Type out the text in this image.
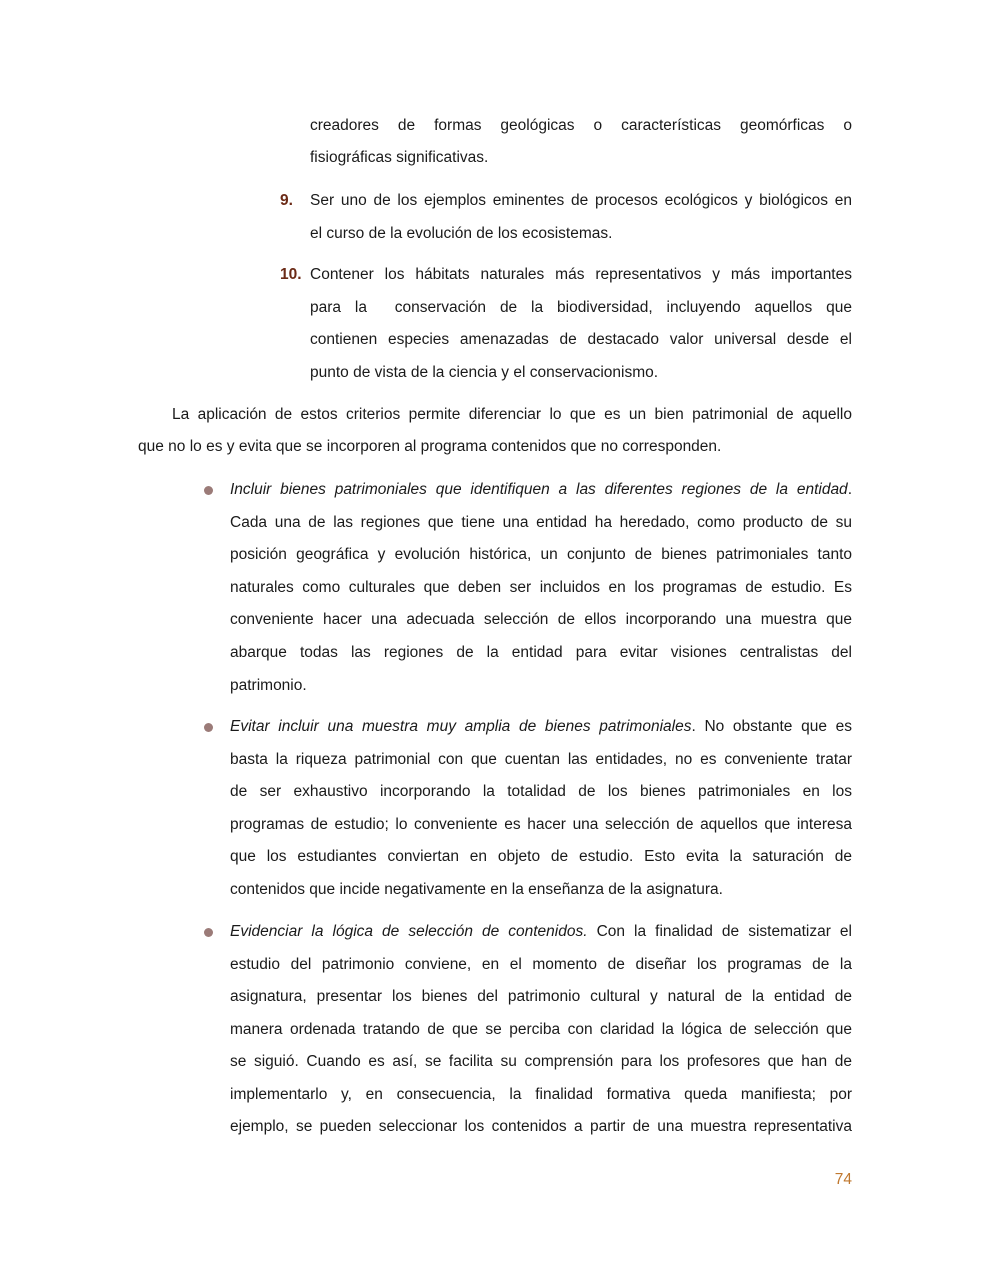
creadores de formas geológicas o características geomórficas o
fisiográficas significativas.
9. Ser uno de los ejemplos eminentes de procesos ecológicos y biológicos en
el curso de la evolución de los ecosistemas.
10. Contener los hábitats naturales más representativos y más importantes
para la  conservación de la biodiversidad, incluyendo aquellos que
contienen especies amenazadas de destacado valor universal desde el
punto de vista de la ciencia y el conservacionismo.
La aplicación de estos criterios permite diferenciar lo que es un bien patrimonial de aquello
que no lo es y evita que se incorporen al programa contenidos que no corresponden.
Incluir bienes patrimoniales que identifiquen a las diferentes regiones de la entidad.
Cada una de las regiones que tiene una entidad ha heredado, como producto de su
posición geográfica y evolución histórica, un conjunto de bienes patrimoniales tanto
naturales como culturales que deben ser incluidos en los programas de estudio. Es
conveniente hacer una adecuada selección de ellos incorporando una muestra que
abarque todas las regiones de la entidad para evitar visiones centralistas del
patrimonio.
Evitar incluir una muestra muy amplia de bienes patrimoniales. No obstante que es
basta la riqueza patrimonial con que cuentan las entidades, no es conveniente tratar
de ser exhaustivo incorporando la totalidad de los bienes patrimoniales en los
programas de estudio; lo conveniente es hacer una selección de aquellos que interesa
que los estudiantes conviertan en objeto de estudio. Esto evita la saturación de
contenidos que incide negativamente en la enseñanza de la asignatura.
Evidenciar la lógica de selección de contenidos. Con la finalidad de sistematizar el
estudio del patrimonio conviene, en el momento de diseñar los programas de la
asignatura, presentar los bienes del patrimonio cultural y natural de la entidad de
manera ordenada tratando de que se perciba con claridad la lógica de selección que
se siguió. Cuando es así, se facilita su comprensión para los profesores que han de
implementarlo y, en consecuencia, la finalidad formativa queda manifiesta; por
ejemplo, se pueden seleccionar los contenidos a partir de una muestra representativa
74
